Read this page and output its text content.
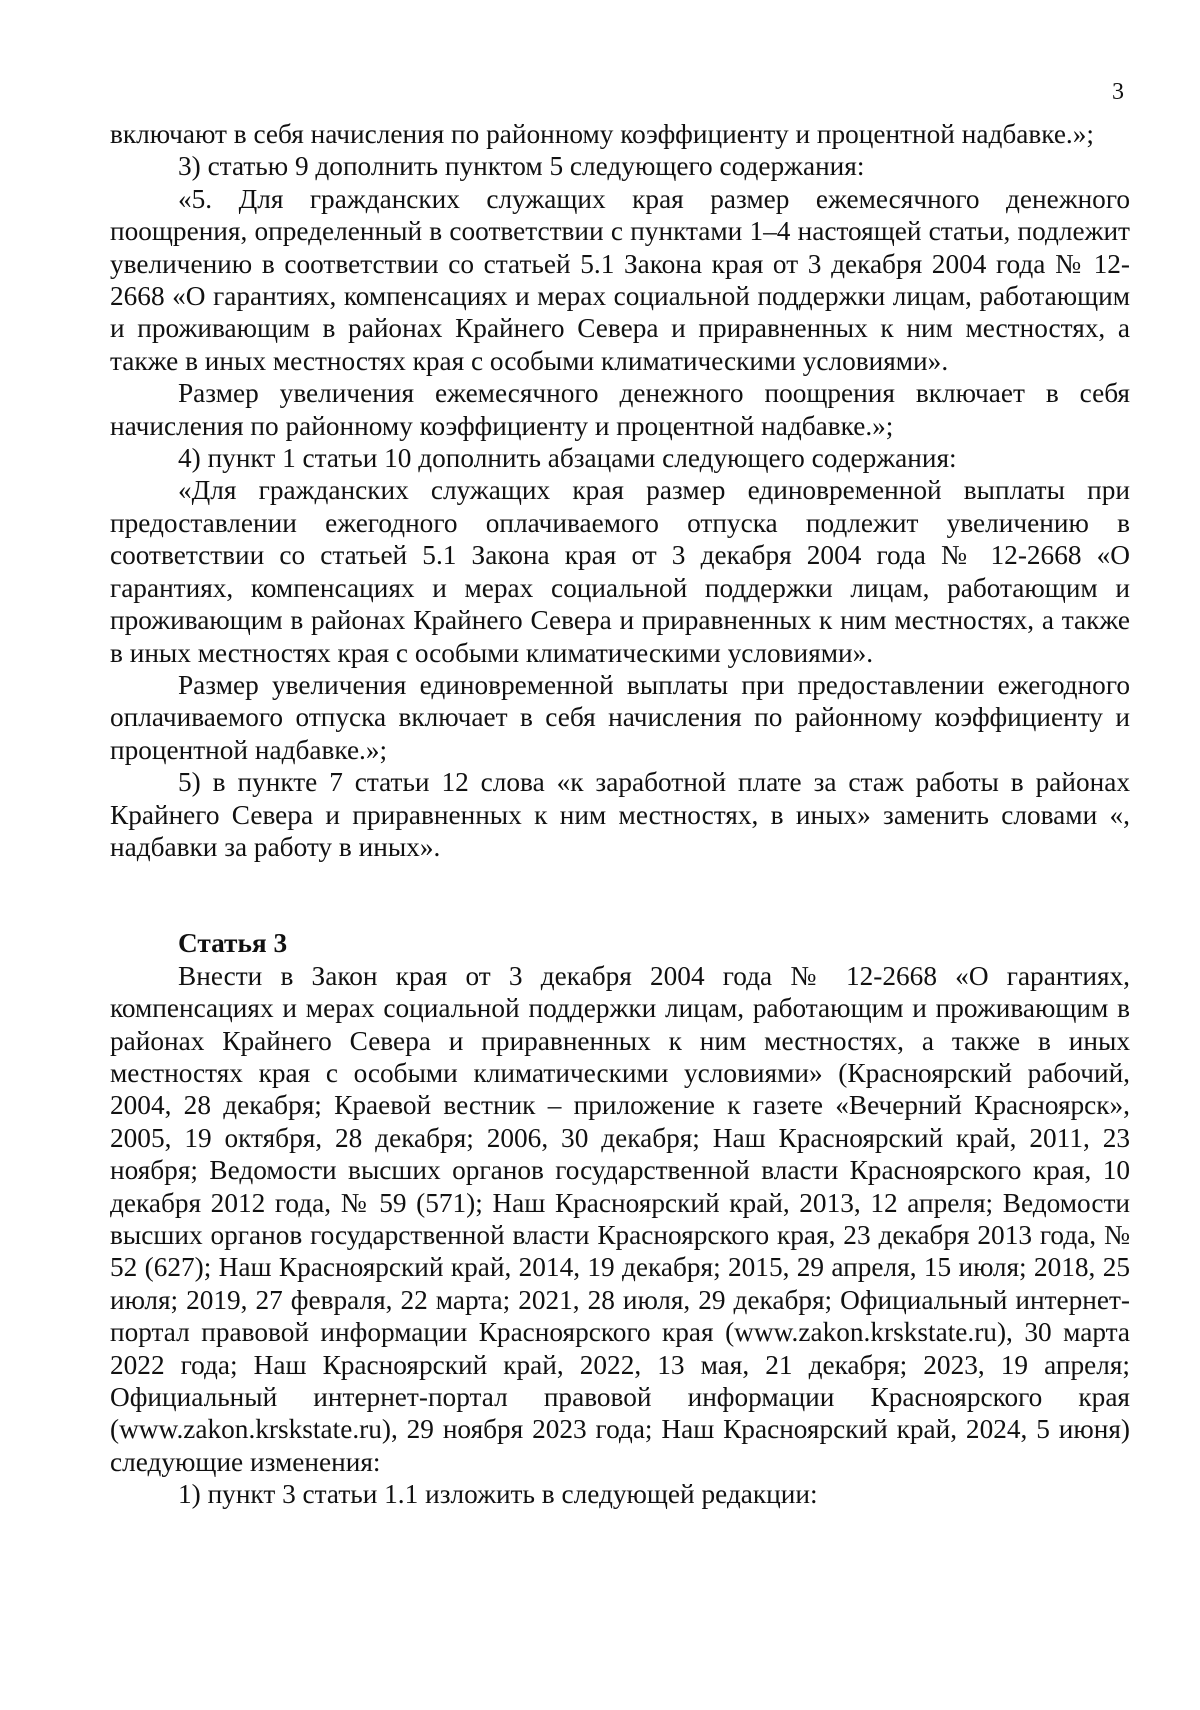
3

включают в себя начисления по районному коэффициенту и процентной надбавке.»;

3) статью 9 дополнить пунктом 5 следующего содержания:

«5. Для гражданских служащих края размер ежемесячного денежного поощрения, определенный в соответствии с пунктами 1–4 настоящей статьи, подлежит увеличению в соответствии со статьей 5.1 Закона края от 3 декабря 2004 года № 12-2668 «О гарантиях, компенсациях и мерах социальной поддержки лицам, работающим и проживающим в районах Крайнего Севера и приравненных к ним местностях, а также в иных местностях края с особыми климатическими условиями».

Размер увеличения ежемесячного денежного поощрения включает в себя начисления по районному коэффициенту и процентной надбавке.»;

4) пункт 1 статьи 10 дополнить абзацами следующего содержания:

«Для гражданских служащих края размер единовременной выплаты при предоставлении ежегодного оплачиваемого отпуска подлежит увеличению в соответствии со статьей 5.1 Закона края от 3 декабря 2004 года № 12-2668 «О гарантиях, компенсациях и мерах социальной поддержки лицам, работающим и проживающим в районах Крайнего Севера и приравненных к ним местностях, а также в иных местностях края с особыми климатическими условиями».

Размер увеличения единовременной выплаты при предоставлении ежегодного оплачиваемого отпуска включает в себя начисления по районному коэффициенту и процентной надбавке.»;

5) в пункте 7 статьи 12 слова «к заработной плате за стаж работы в районах Крайнего Севера и приравненных к ним местностях, в иных» заменить словами «, надбавки за работу в иных».

Статья 3

Внести в Закон края от 3 декабря 2004 года № 12-2668 «О гарантиях, компенсациях и мерах социальной поддержки лицам, работающим и проживающим в районах Крайнего Севера и приравненных к ним местностях, а также в иных местностях края с особыми климатическими условиями» (Красноярский рабочий, 2004, 28 декабря; Краевой вестник – приложение к газете «Вечерний Красноярск», 2005, 19 октября, 28 декабря; 2006, 30 декабря; Наш Красноярский край, 2011, 23 ноября; Ведомости высших органов государственной власти Красноярского края, 10 декабря 2012 года, № 59 (571); Наш Красноярский край, 2013, 12 апреля; Ведомости высших органов государственной власти Красноярского края, 23 декабря 2013 года, № 52 (627); Наш Красноярский край, 2014, 19 декабря; 2015, 29 апреля, 15 июля; 2018, 25 июля; 2019, 27 февраля, 22 марта; 2021, 28 июля, 29 декабря; Официальный интернет-портал правовой информации Красноярского края (www.zakon.krskstate.ru), 30 марта 2022 года; Наш Красноярский край, 2022, 13 мая, 21 декабря; 2023, 19 апреля; Официальный интернет-портал правовой информации Красноярского края (www.zakon.krskstate.ru), 29 ноября 2023 года; Наш Красноярский край, 2024, 5 июня) следующие изменения:

1) пункт 3 статьи 1.1 изложить в следующей редакции:
